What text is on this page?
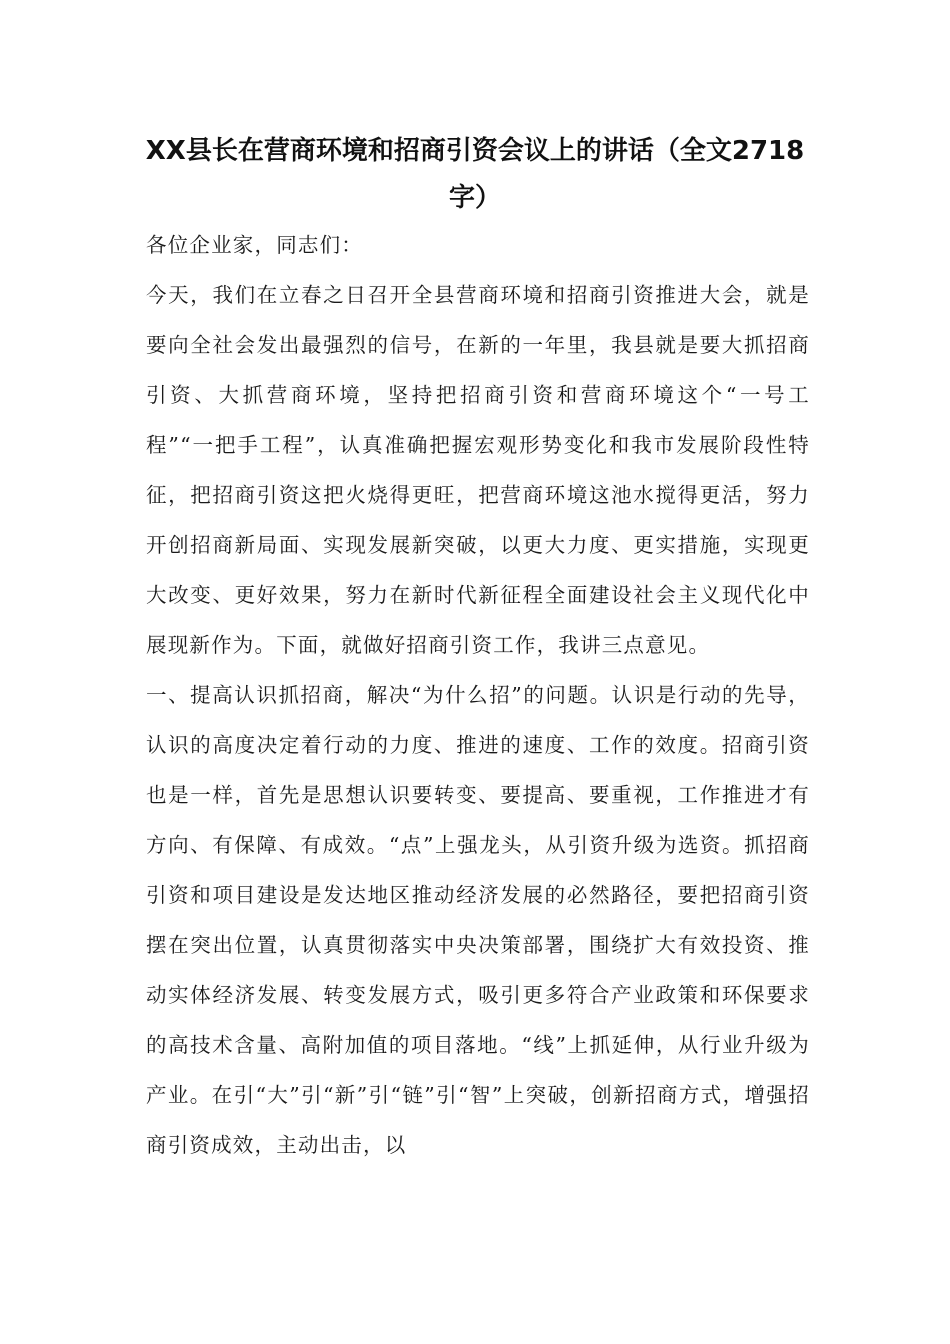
XX县长在营商环境和招商引资会议上的讲话（全文2718字）

各位企业家，同志们：

今天，我们在立春之日召开全县营商环境和招商引资推进大会，就是要向全社会发出最强烈的信号，在新的一年里，我县就是要大抓招商引资、大抓营商环境，坚持把招商引资和营商环境这个“一号工程”“一把手工程”，认真准确把握宏观形势变化和我市发展阶段性特征，把招商引资这把火烧得更旺，把营商环境这池水搅得更活，努力开创招商新局面、实现发展新突破，以更大力度、更实措施，实现更大改变、更好效果，努力在新时代新征程全面建设社会主义现代化中展现新作为。下面，就做好招商引资工作，我讲三点意见。

一、提高认识抓招商，解决“为什么招”的问题。认识是行动的先导，认识的高度决定着行动的力度、推进的速度、工作的效度。招商引资也是一样，首先是思想认识要转变、要提高、要重视，工作推进才有方向、有保障、有成效。“点”上强龙头，从引资升级为选资。抓招商引资和项目建设是发达地区推动经济发展的必然路径，要把招商引资摆在突出位置，认真贯彻落实中央决策部署，围绕扩大有效投资、推动实体经济发展、转变发展方式，吸引更多符合产业政策和环保要求的高技术含量、高附加值的项目落地。“线”上抓延伸，从行业升级为产业。在引“大”引“新”引“链”引“智”上突破，创新招商方式，增强招商引资成效，主动出击，以
